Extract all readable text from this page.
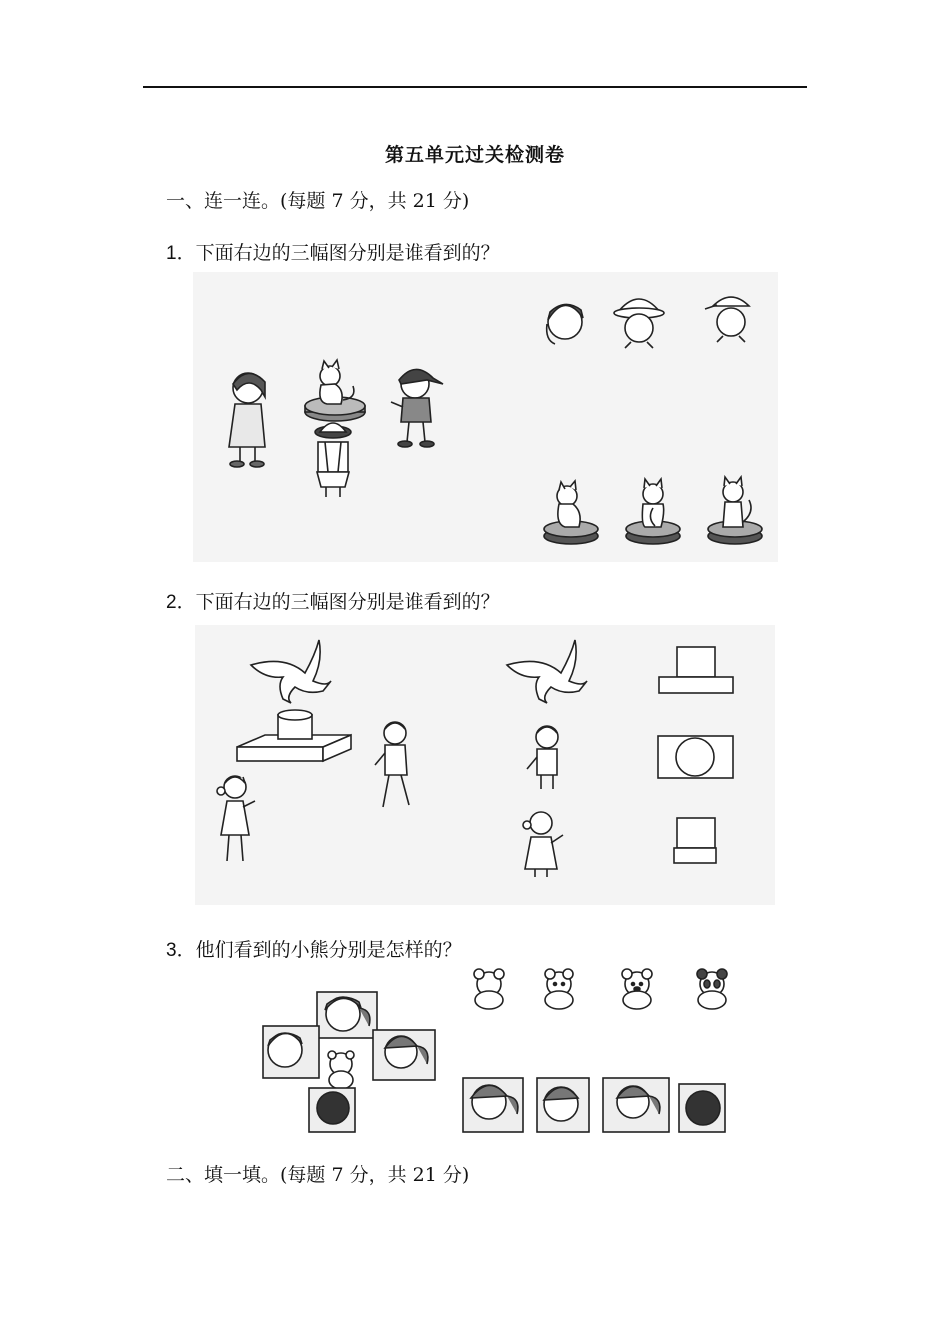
第五单元过关检测卷
一、连一连。(每题 7 分，共 21 分)
1．下面右边的三幅图分别是谁看到的？
2．下面右边的三幅图分别是谁看到的？
3．他们看到的小熊分别是怎样的？
二、填一填。(每题 7 分，共 21 分)
